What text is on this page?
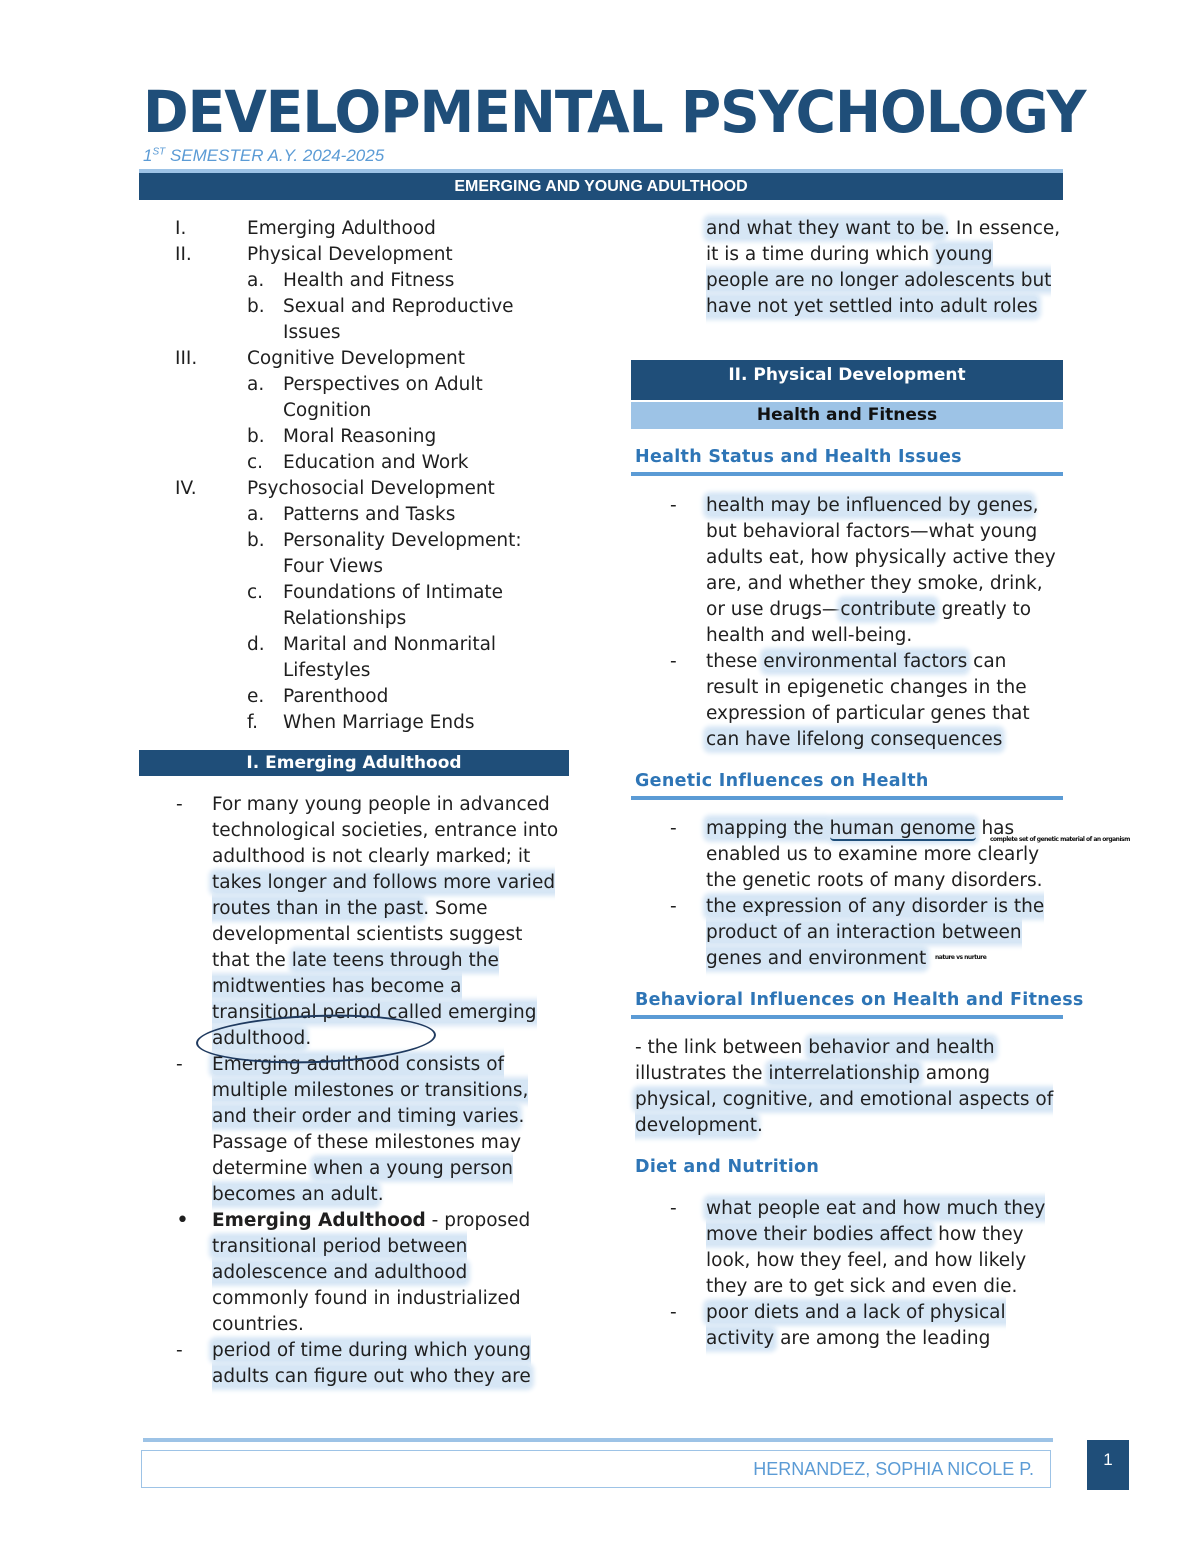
DEVELOPMENTAL PSYCHOLOGY
1ST SEMESTER A.Y. 2024-2025
EMERGING AND YOUNG ADULTHOOD
I.	Emerging Adulthood
II.	Physical Development
a. Health and Fitness
b. Sexual and Reproductive Issues
III.	Cognitive Development
a. Perspectives on Adult Cognition
b. Moral Reasoning
c. Education and Work
IV.	Psychosocial Development
a. Patterns and Tasks
b. Personality Development: Four Views
c. Foundations of Intimate Relationships
d. Marital and Nonmarital Lifestyles
e. Parenthood
f. When Marriage Ends
I. Emerging Adulthood
- For many young people in advanced technological societies, entrance into adulthood is not clearly marked; it takes longer and follows more varied routes than in the past. Some developmental scientists suggest that the late teens through the midtwenties has become a transitional period called emerging adulthood.
- Emerging adulthood consists of multiple milestones or transitions, and their order and timing varies. Passage of these milestones may determine when a young person becomes an adult.
• Emerging Adulthood - proposed transitional period between adolescence and adulthood commonly found in industrialized countries.
- period of time during which young adults can figure out who they are
and what they want to be. In essence, it is a time during which young people are no longer adolescents but have not yet settled into adult roles
II. Physical Development
Health and Fitness
Health Status and Health Issues
- health may be influenced by genes, but behavioral factors—what young adults eat, how physically active they are, and whether they smoke, drink, or use drugs—contribute greatly to health and well-being.
- these environmental factors can result in epigenetic changes in the expression of particular genes that can have lifelong consequences
Genetic Influences on Health
- mapping the human genome has enabled us to examine more clearly the genetic roots of many disorders.
- the expression of any disorder is the product of an interaction between genes and environment
complete set of genetic material of an organism
nature vs nurture
Behavioral Influences on Health and Fitness
- the link between behavior and health illustrates the interrelationship among physical, cognitive, and emotional aspects of development.
Diet and Nutrition
- what people eat and how much they move their bodies affect how they look, how they feel, and how likely they are to get sick and even die.
- poor diets and a lack of physical activity are among the leading
HERNANDEZ, SOPHIA NICOLE P.	1
